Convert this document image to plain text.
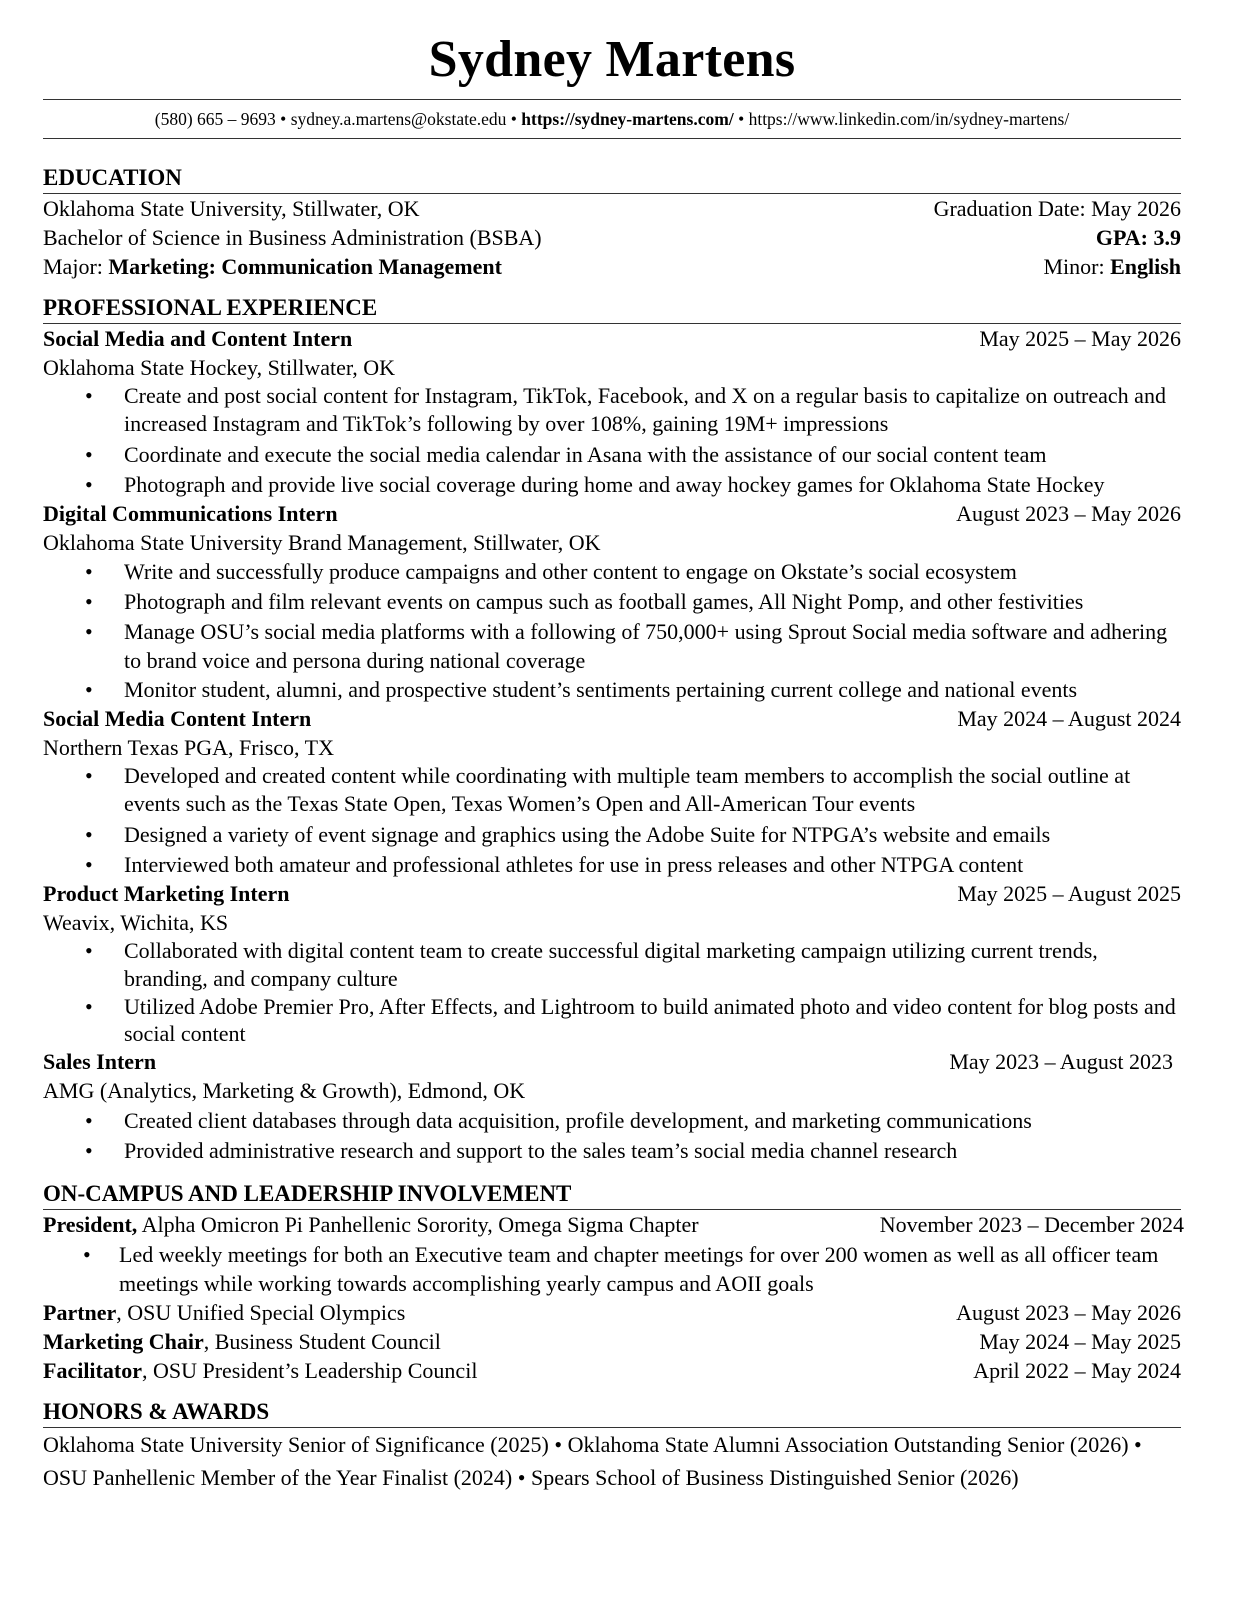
Sydney Martens
(580) 665 – 9693 • sydney.a.martens@okstate.edu • https://sydney-martens.com/ • https://www.linkedin.com/in/sydney-martens/
EDUCATION
Oklahoma State University, Stillwater, OK	Graduation Date: May 2026
Bachelor of Science in Business Administration (BSBA)	GPA: 3.9
Major: Marketing: Communication Management	Minor: English
PROFESSIONAL EXPERIENCE
Social Media and Content Intern	May 2025 – May 2026
Oklahoma State Hockey, Stillwater, OK
• Create and post social content for Instagram, TikTok, Facebook, and X on a regular basis to capitalize on outreach and increased Instagram and TikTok’s following by over 108%, gaining 19M+ impressions
• Coordinate and execute the social media calendar in Asana with the assistance of our social content team
• Photograph and provide live social coverage during home and away hockey games for Oklahoma State Hockey
Digital Communications Intern	August 2023 – May 2026
Oklahoma State University Brand Management, Stillwater, OK
• Write and successfully produce campaigns and other content to engage on Okstate’s social ecosystem
• Photograph and film relevant events on campus such as football games, All Night Pomp, and other festivities
• Manage OSU’s social media platforms with a following of 750,000+ using Sprout Social media software and adhering to brand voice and persona during national coverage
• Monitor student, alumni, and prospective student’s sentiments pertaining current college and national events
Social Media Content Intern	May 2024 – August 2024
Northern Texas PGA, Frisco, TX
• Developed and created content while coordinating with multiple team members to accomplish the social outline at events such as the Texas State Open, Texas Women’s Open and All-American Tour events
• Designed a variety of event signage and graphics using the Adobe Suite for NTPGA’s website and emails
• Interviewed both amateur and professional athletes for use in press releases and other NTPGA content
Product Marketing Intern	May 2025 – August 2025
Weavix, Wichita, KS
• Collaborated with digital content team to create successful digital marketing campaign utilizing current trends, branding, and company culture
• Utilized Adobe Premier Pro, After Effects, and Lightroom to build animated photo and video content for blog posts and social content
Sales Intern	May 2023 – August 2023
AMG (Analytics, Marketing & Growth), Edmond, OK
• Created client databases through data acquisition, profile development, and marketing communications
• Provided administrative research and support to the sales team’s social media channel research
ON-CAMPUS AND LEADERSHIP INVOLVEMENT
President, Alpha Omicron Pi Panhellenic Sorority, Omega Sigma Chapter	November 2023 – December 2024
• Led weekly meetings for both an Executive team and chapter meetings for over 200 women as well as all officer team meetings while working towards accomplishing yearly campus and AOII goals
Partner, OSU Unified Special Olympics	August 2023 – May 2026
Marketing Chair, Business Student Council	May 2024 – May 2025
Facilitator, OSU President’s Leadership Council	April 2022 – May 2024
HONORS & AWARDS
Oklahoma State University Senior of Significance (2025) • Oklahoma State Alumni Association Outstanding Senior (2026) • OSU Panhellenic Member of the Year Finalist (2024) • Spears School of Business Distinguished Senior (2026)
